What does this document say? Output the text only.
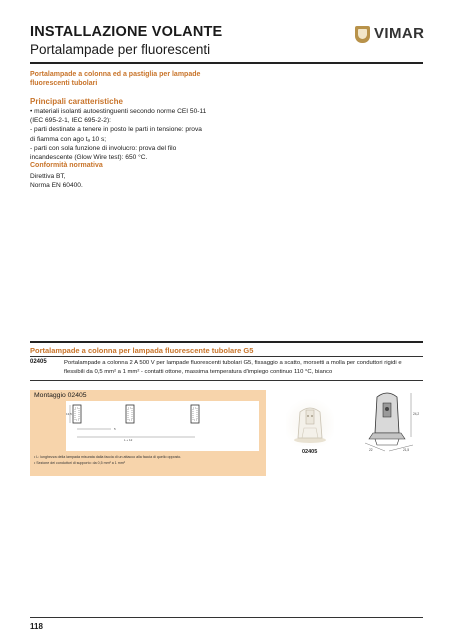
INSTALLAZIONE VOLANTE
Portalampade per fluorescenti
VIMAR
Portalampade a colonna ed a pastiglia per lampade
fluorescenti tubolari
Principali caratteristiche
• materiali isolanti autoestinguenti secondo norme CEI 50-11
(IEC 695-2-1, IEC 695-2-2):
- parti destinate a tenere in posto le parti in tensione: prova
di fiamma con ago tₐ 10 s;
- parti con sola funzione di involucro: prova del filo
incandescente (Glow Wire test): 650 °C.
Conformità normativa
Direttiva BT,
Norma EN 60400.
Portalampade a colonna per lampada fluorescente tubolare G5
02405	Portalampade a colonna 2 A 500 V per lampade fluorescenti tubolari G5, fissaggio a scatto, morsetti a molla per conduttori rigidi e
flessibili da 0,5 mm² a 1 mm² - contatti ottone, massima temperatura d'impiego continuo 110 °C, bianco
Montaggio 02405
13,5
5
L + 12
• L: lunghezza della lampada misurata dalla faccia di un attacco alla faccia di quello opposto.
• Sezione dei conduttori di supporto: da 0,5 mm² a 1 mm²
02405
24,2
22	21,5
118
